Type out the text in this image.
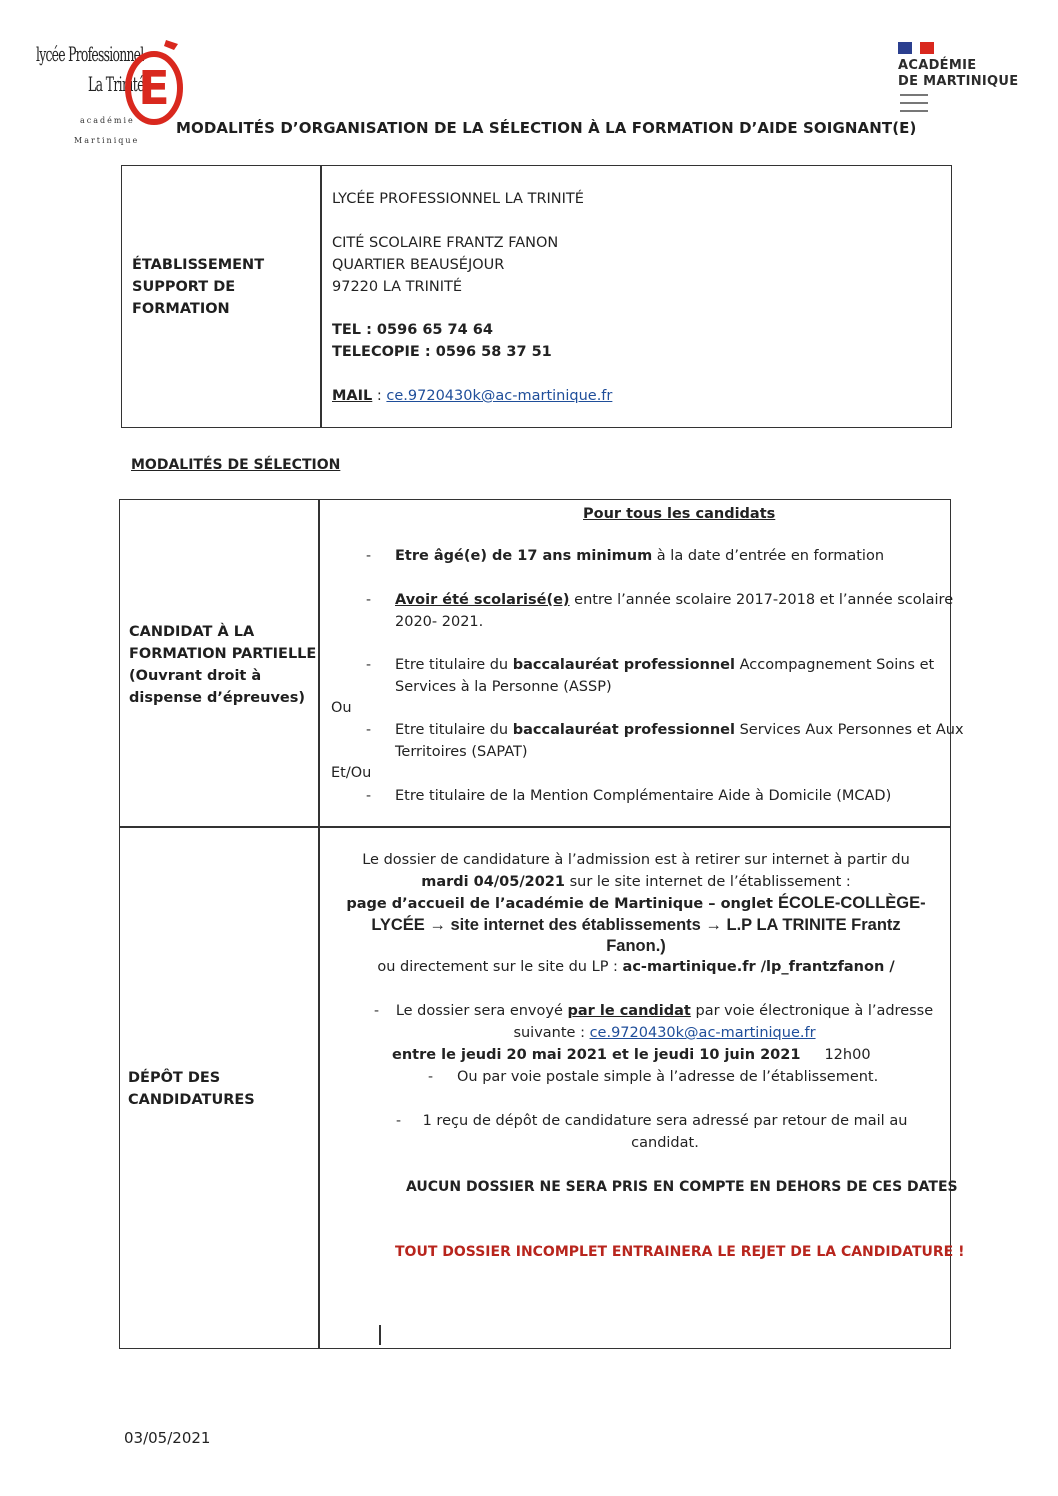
lycée Professionnel
La Trinité
E
académie
Martinique
ACADÉMIE
DE MARTINIQUE
MODALITÉS D’ORGANISATION DE LA SÉLECTION À LA FORMATION D’AIDE SOIGNANT(E)
ÉTABLISSEMENT
SUPPORT DE
FORMATION
LYCÉE PROFESSIONNEL LA TRINITÉ
CITÉ SCOLAIRE FRANTZ FANON
QUARTIER BEAUSÉJOUR
97220 LA TRINITÉ
TEL : 0596 65 74 64
TELECOPIE : 0596 58 37 51
MAIL : ce.9720430k@ac-martinique.fr
MODALITÉS DE SÉLECTION
CANDIDAT À LA
FORMATION PARTIELLE
(Ouvrant droit à
dispense d’épreuves)
Pour tous les candidats
- Etre âgé(e) de 17 ans minimum à la date d’entrée en formation
- Avoir été scolarisé(e) entre l’année scolaire 2017-2018 et l’année scolaire
2020- 2021.
- Etre titulaire du baccalauréat professionnel Accompagnement Soins et
Services à la Personne (ASSP)
Ou
- Etre titulaire du baccalauréat professionnel Services Aux Personnes et Aux
Territoires (SAPAT)
Et/Ou
- Etre titulaire de la Mention Complémentaire Aide à Domicile (MCAD)
DÉPÔT DES
CANDIDATURES
Le dossier de candidature à l’admission est à retirer sur internet à partir du
mardi 04/05/2021 sur le site internet de l’établissement :
page d’accueil de l’académie de Martinique – onglet ÉCOLE-COLLÈGE-
LYCÉE → site internet des établissements → L.P LA TRINITE Frantz
Fanon.)
ou directement sur le site du LP : ac-martinique.fr /lp_frantzfanon /
- Le dossier sera envoyé par le candidat par voie électronique à l’adresse
suivante : ce.9720430k@ac-martinique.fr
entre le jeudi 20 mai 2021 et le jeudi 10 juin 2021 12h00
- Ou par voie postale simple à l’adresse de l’établissement.
-	1 reçu de dépôt de candidature sera adressé par retour de mail au
candidat.
AUCUN DOSSIER NE SERA PRIS EN COMPTE EN DEHORS DE CES DATES
TOUT DOSSIER INCOMPLET ENTRAINERA LE REJET DE LA CANDIDATURE !
03/05/2021
